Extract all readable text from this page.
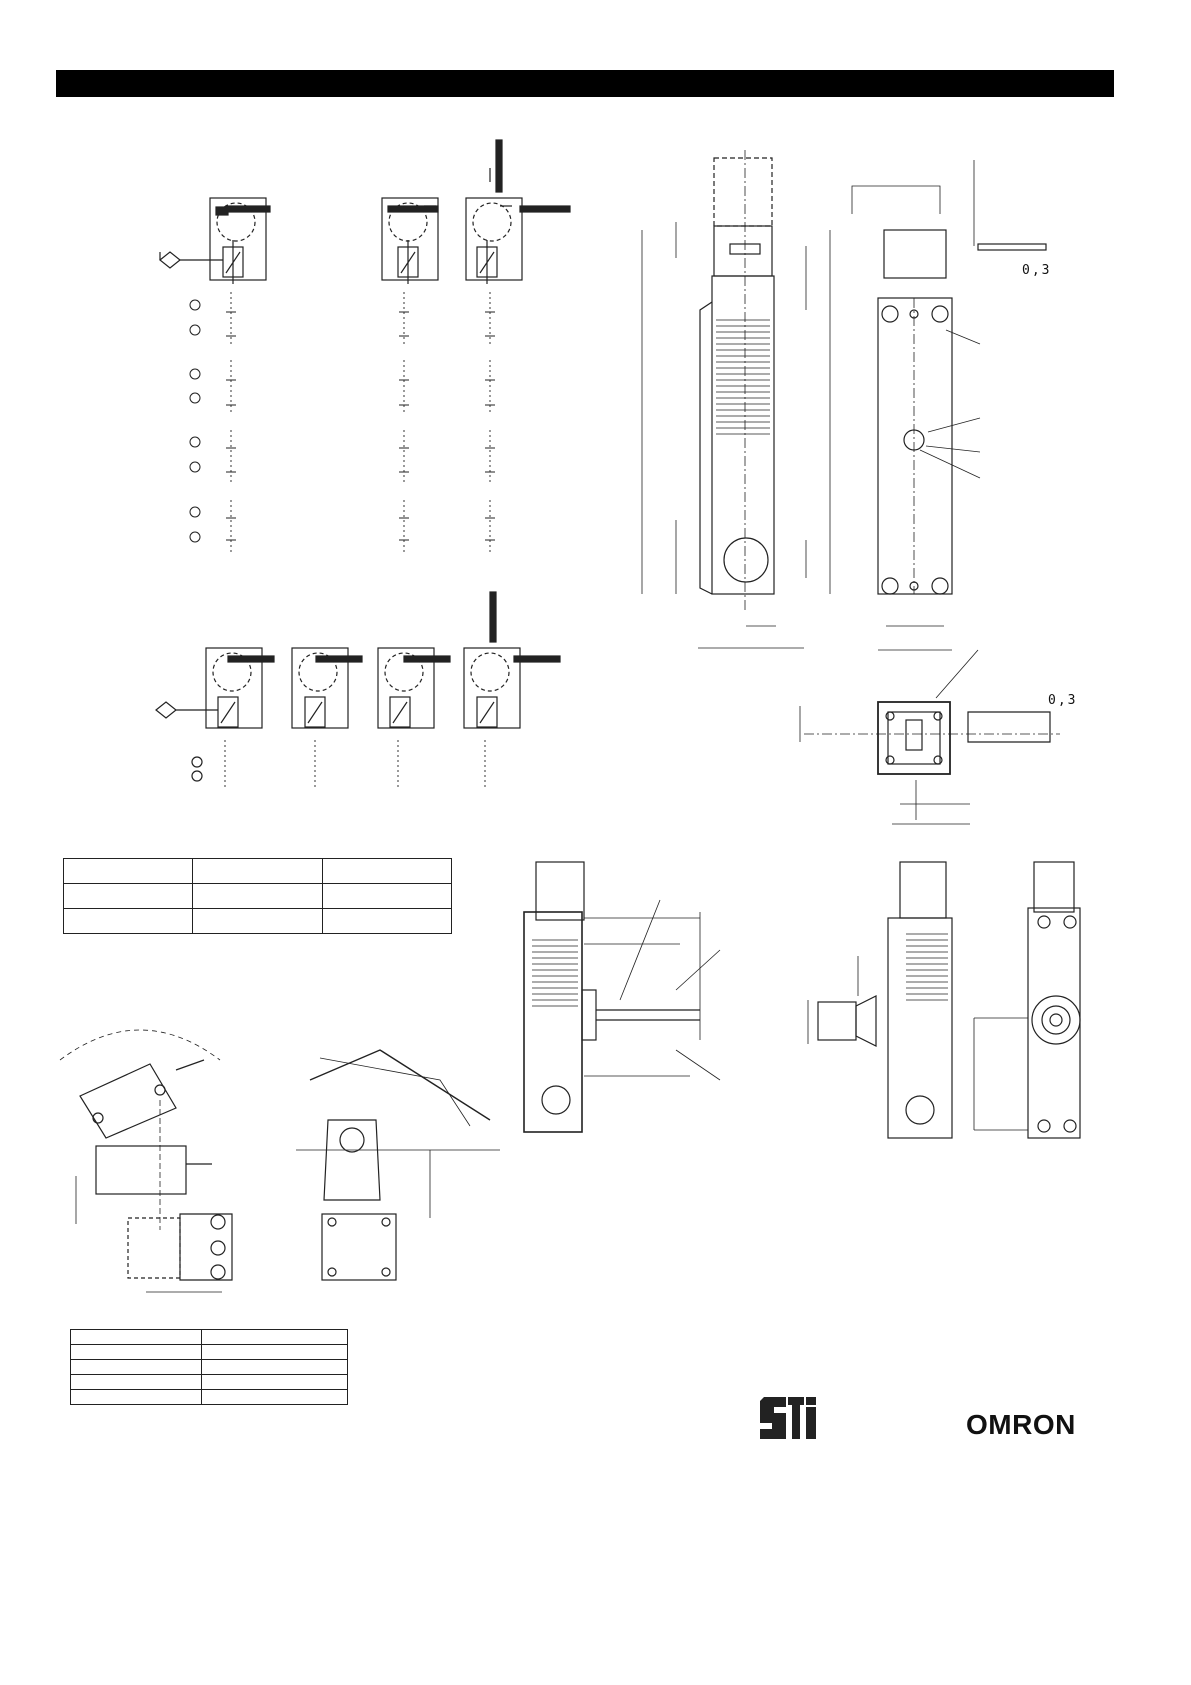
0,3
0,3

OMRON
